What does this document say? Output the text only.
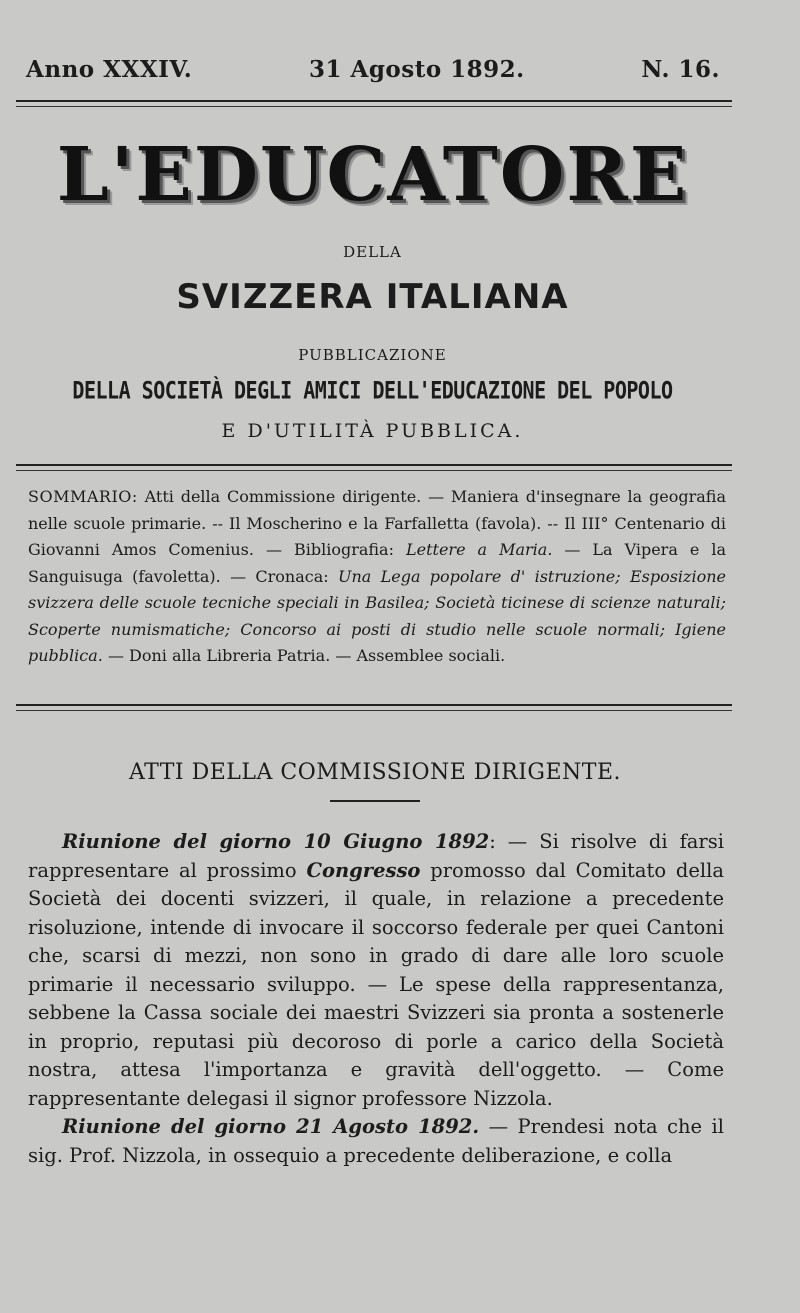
Anno XXXIV.	31 Agosto 1892.	N. 16.
L'EDUCATORE
DELLA
SVIZZERA ITALIANA
PUBBLICAZIONE
DELLA SOCIETÀ DEGLI AMICI DELL'EDUCAZIONE DEL POPOLO
E D'UTILITÀ PUBBLICA.
SOMMARIO: Atti della Commissione dirigente. — Maniera d'insegnare la geografia nelle scuole primarie. -- Il Moscherino e la Farfalletta (favola). -- Il III° Centenario di Giovanni Amos Comenius. — Bibliografia: Lettere a Maria. — La Vipera e la Sanguisuga (favoletta). — Cronaca: Una Lega popolare d' istruzione; Esposizione svizzera delle scuole tecniche speciali in Basilea; Società ticinese di scienze naturali; Scoperte numismatiche; Concorso ai posti di studio nelle scuole normali; Igiene pubblica. — Doni alla Libreria Patria. — Assemblee sociali.
ATTI DELLA COMMISSIONE DIRIGENTE.

Riunione del giorno 10 Giugno 1892: — Si risolve di farsi rappresentare al prossimo Congresso promosso dal Comitato della Società dei docenti svizzeri, il quale, in relazione a precedente risoluzione, intende di invocare il soccorso federale per quei Cantoni che, scarsi di mezzi, non sono in grado di dare alle loro scuole primarie il necessario sviluppo. — Le spese della rappresentanza, sebbene la Cassa sociale dei maestri Svizzeri sia pronta a sostenerle in proprio, reputasi più decoroso di porle a carico della Società nostra, attesa l'importanza e gravità dell'oggetto. — Come rappresentante delegasi il signor professore Nizzola.

Riunione del giorno 21 Agosto 1892. — Prendesi nota che il sig. Prof. Nizzola, in ossequio a precedente deliberazione, e colla
